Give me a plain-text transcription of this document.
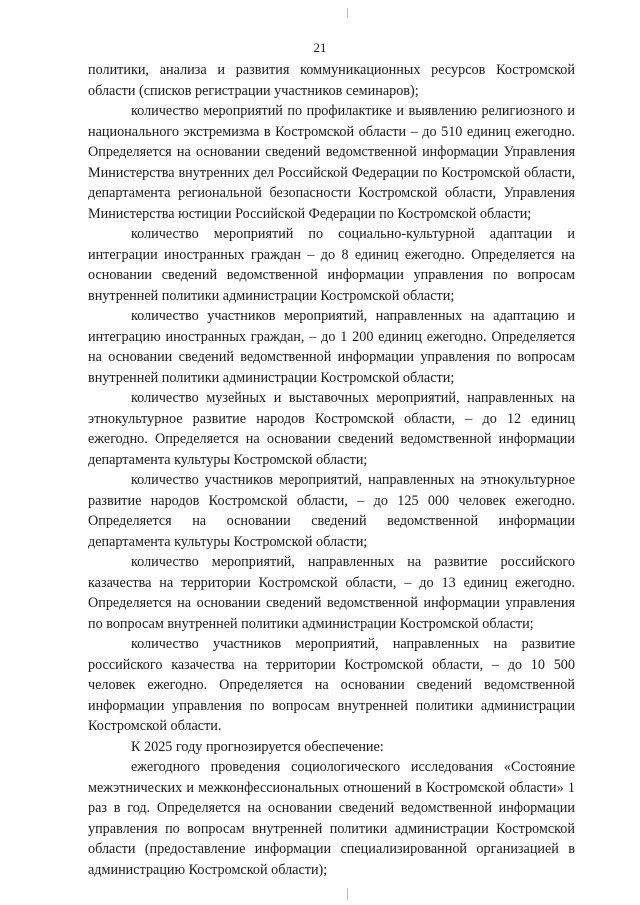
21

политики, анализа и развития коммуникационных ресурсов Костромской области (списков регистрации участников семинаров);

количество мероприятий по профилактике и выявлению религиозного и национального экстремизма в Костромской области – до 510 единиц ежегодно. Определяется на основании сведений ведомственной информации Управления Министерства внутренних дел Российской Федерации по Костромской области, департамента региональной безопасности Костромской области, Управления Министерства юстиции Российской Федерации по Костромской области;

количество мероприятий по социально-культурной адаптации и интеграции иностранных граждан – до 8 единиц ежегодно. Определяется на основании сведений ведомственной информации управления по вопросам внутренней политики администрации Костромской области;

количество участников мероприятий, направленных на адаптацию и интеграцию иностранных граждан, – до 1 200 единиц ежегодно. Определяется на основании сведений ведомственной информации управления по вопросам внутренней политики администрации Костромской области;

количество музейных и выставочных мероприятий, направленных на этнокультурное развитие народов Костромской области, – до 12 единиц ежегодно. Определяется на основании сведений ведомственной информации департамента культуры Костромской области;

количество участников мероприятий, направленных на этнокультурное развитие народов Костромской области, – до 125 000 человек ежегодно. Определяется на основании сведений ведомственной информации департамента культуры Костромской области;

количество мероприятий, направленных на развитие российского казачества на территории Костромской области, – до 13 единиц ежегодно. Определяется на основании сведений ведомственной информации управления по вопросам внутренней политики администрации Костромской области;

количество участников мероприятий, направленных на развитие российского казачества на территории Костромской области, – до 10 500 человек ежегодно. Определяется на основании сведений ведомственной информации управления по вопросам внутренней политики администрации Костромской области.

К 2025 году прогнозируется обеспечение:

ежегодного проведения социологического исследования «Состояние межэтнических и межконфессиональных отношений в Костромской области» 1 раз в год. Определяется на основании сведений ведомственной информации управления по вопросам внутренней политики администрации Костромской области (предоставление информации специализированной организацией в администрацию Костромской области);
